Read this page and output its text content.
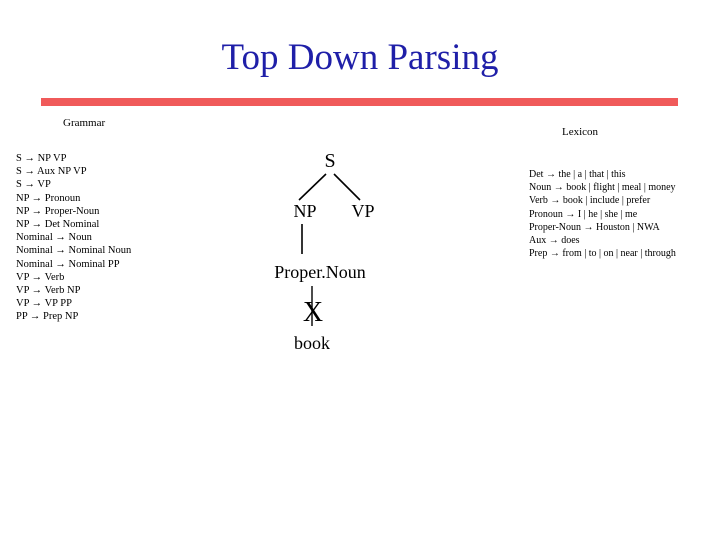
Top Down Parsing
Grammar
S → NP VP
S → Aux NP VP
S → VP
NP → Pronoun
NP → Proper-Noun
NP → Det Nominal
Nominal → Noun
Nominal → Nominal Noun
Nominal → Nominal PP
VP → Verb
VP → Verb NP
VP → VP PP
PP → Prep NP
Lexicon
Det → the | a | that | this
Noun → book | flight | meal | money
Verb → book | include | prefer
Pronoun → I | he | she | me
Proper-Noun → Houston | NWA
Aux → does
Prep → from | to | on | near | through
S
NP VP
Proper.Noun
X
book
